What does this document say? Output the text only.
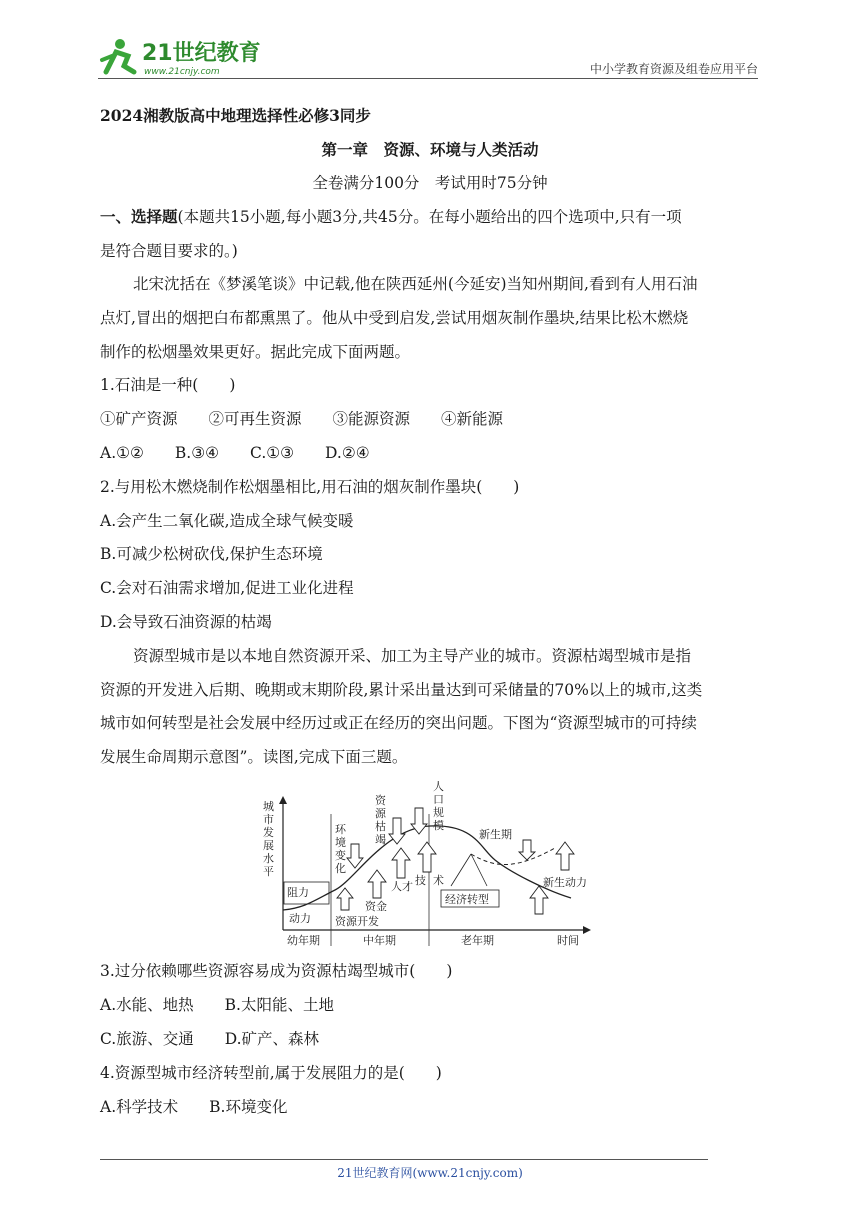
21世纪教育
www.21cnjy.com	中小学教育资源及组卷应用平台
2024湘教版高中地理选择性必修3同步
第一章　资源、环境与人类活动
全卷满分100分　考试用时75分钟
一、选择题(本题共15小题,每小题3分,共45分。在每小题给出的四个选项中,只有一项
是符合题目要求的。)
北宋沈括在《梦溪笔谈》中记载,他在陕西延州(今延安)当知州期间,看到有人用石油
点灯,冒出的烟把白布都熏黑了。他从中受到启发,尝试用烟灰制作墨块,结果比松木燃烧
制作的松烟墨效果更好。据此完成下面两题。
1.石油是一种(　　)
①矿产资源　　②可再生资源　　③能源资源　　④新能源
A.①②　　B.③④　　C.①③　　D.②④
2.与用松木燃烧制作松烟墨相比,用石油的烟灰制作墨块(　　)
A.会产生二氧化碳,造成全球气候变暖
B.可减少松树砍伐,保护生态环境
C.会对石油需求增加,促进工业化进程
D.会导致石油资源的枯竭
资源型城市是以本地自然资源开采、加工为主导产业的城市。资源枯竭型城市是指
资源的开发进入后期、晚期或末期阶段,累计采出量达到可采储量的70%以上的城市,这类
城市如何转型是社会发展中经历过或正在经历的突出问题。下图为“资源型城市的可持续
发展生命周期示意图”。读图,完成下面三题。
城
市
发
展
水
平
阻力
动力 资源开发
环
境
变
化
资金
资
源
枯
竭
人才
人
口
规
模
技 术
经济转型
新生期
新生动力
幼年期	中年期	老年期	时间
3.过分依赖哪些资源容易成为资源枯竭型城市(　　)
A.水能、地热　　B.太阳能、土地
C.旅游、交通　　D.矿产、森林
4.资源型城市经济转型前,属于发展阻力的是(　　)
A.科学技术　　B.环境变化
21世纪教育网(www.21cnjy.com)
